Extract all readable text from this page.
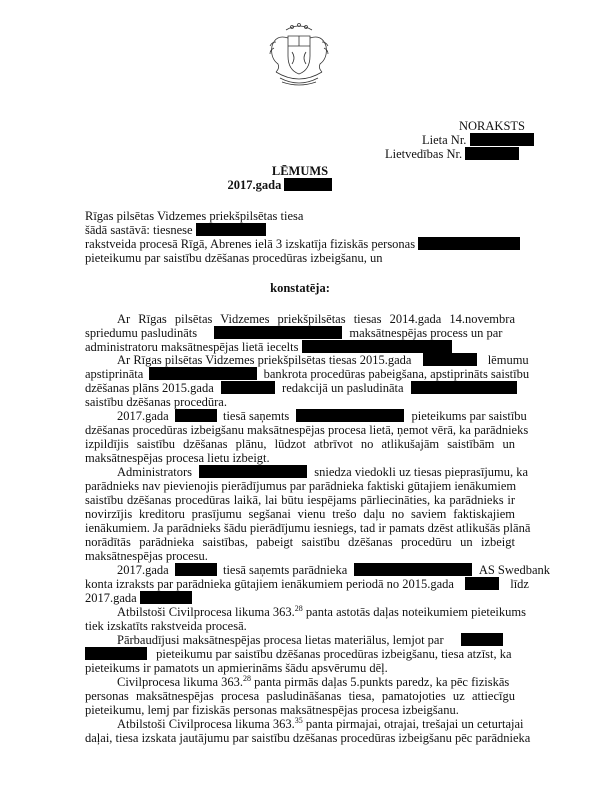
NORAKSTS
Lieta Nr.
Lietvedības Nr.
LĒMUMS
2017.gada
Rīgas pilsētas Vidzemes priekšpilsētas tiesa
šādā sastāvā: tiesnese
rakstveida procesā Rīgā, Abrenes ielā 3 izskatīja fiziskās personas
pieteikumu par saistību dzēšanas procedūras izbeigšanu, un
konstatēja:
Ar Rīgas pilsētas Vidzemes priekšpilsētas tiesas 2014.gada 14.novembra
spriedumu pasludināts	maksātnespējas process un par
administratoru maksātnespējas lietā iecelts
Ar Rīgas pilsētas Vidzemes priekšpilsētas tiesas 2015.gada	lēmumu
apstiprināta	bankrota procedūras pabeigšana, apstiprināts saistību
dzēšanas plāns 2015.gada	redakcijā un pasludināta
saistību dzēšanas procedūra.
2017.gada	tiesā saņemts	pieteikums par saistību
dzēšanas procedūras izbeigšanu maksātnespējas procesa lietā, ņemot vērā, ka parādnieks
izpildījis saistību dzēšanas plānu, lūdzot atbrīvot no atlikušajām saistībām un
maksātnespējas procesa lietu izbeigt.
Administrators	sniedza viedokli uz tiesas pieprasījumu, ka
parādnieks nav pievienojis pierādījumus par parādnieka faktiski gūtajiem ienākumiem
saistību dzēšanas procedūras laikā, lai būtu iespējams pārliecināties, ka parādnieks ir
novirzījis kreditoru prasījumu segšanai vienu trešo daļu no saviem faktiskajiem
ienākumiem. Ja parādnieks šādu pierādījumu iesniegs, tad ir pamats dzēst atlikušās plānā
norādītās parādnieka saistības, pabeigt saistību dzēšanas procedūru un izbeigt
maksātnespējas procesu.
2017.gada	tiesā saņemts parādnieka	AS Swedbank
konta izraksts par parādnieka gūtajiem ienākumiem periodā no 2015.gada	līdz
2017.gada
Atbilstoši Civilprocesa likuma 363.28 panta astotās daļas noteikumiem pieteikums
tiek izskatīts rakstveida procesā.
Pārbaudījusi maksātnespējas procesa lietas materiālus, lemjot par
pieteikumu par saistību dzēšanas procedūras izbeigšanu, tiesa atzīst, ka
pieteikums ir pamatots un apmierināms šādu apsvērumu dēļ.
Civilprocesa likuma 363.28 panta pirmās daļas 5.punkts paredz, ka pēc fiziskās
personas maksātnespējas procesa pasludināšanas tiesa, pamatojoties uz attiecīgu
pieteikumu, lemj par fiziskās personas maksātnespējas procesa izbeigšanu.
Atbilstoši Civilprocesa likuma 363.35 panta pirmajai, otrajai, trešajai un ceturtajai
daļai, tiesa izskata jautājumu par saistību dzēšanas procedūras izbeigšanu pēc parādnieka
